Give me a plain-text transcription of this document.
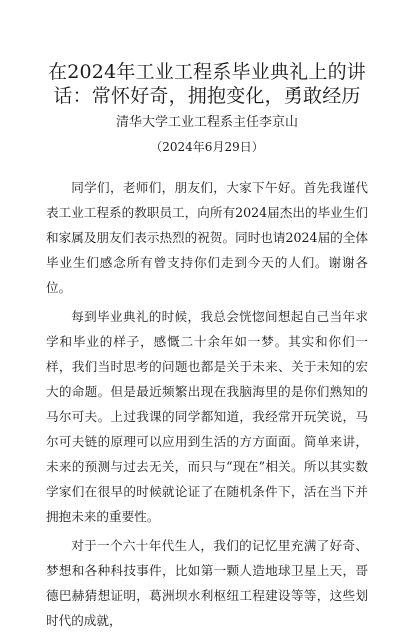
在2024年工业工程系毕业典礼上的讲话：常怀好奇，拥抱变化，勇敢经历
清华大学工业工程系主任李京山
（2024年6月29日）

同学们，老师们，朋友们，大家下午好。首先我谨代表工业工程系的教职员工，向所有2024届杰出的毕业生们和家属及朋友们表示热烈的祝贺。同时也请2024届的全体毕业生们感念所有曾支持你们走到今天的人们。谢谢各位。

每到毕业典礼的时候，我总会恍惚间想起自己当年求学和毕业的样子，感慨二十余年如一梦。其实和你们一样，我们当时思考的问题也都是关于未来、关于未知的宏大的命题。但是最近频繁出现在我脑海里的是你们熟知的马尔可夫。上过我课的同学都知道，我经常开玩笑说，马尔可夫链的原理可以应用到生活的方方面面。简单来讲，未来的预测与过去无关，而只与“现在”相关。所以其实数学家们在很早的时候就论证了在随机条件下，活在当下并拥抱未来的重要性。

对于一个六十年代生人，我们的记忆里充满了好奇、梦想和各种科技事件，比如第一颗人造地球卫星上天，哥德巴赫猜想证明，葛洲坝水利枢纽工程建设等等，这些划时代的成就，
